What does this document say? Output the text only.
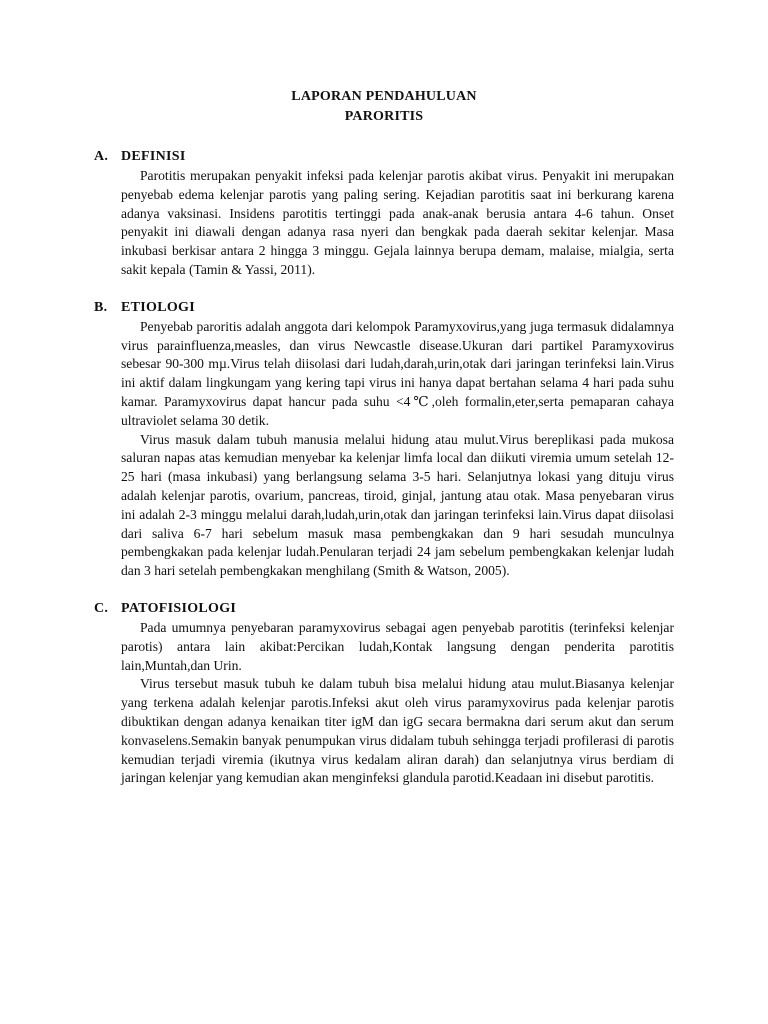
LAPORAN PENDAHULUAN
PARORITIS
A. DEFINISI

Parotitis merupakan penyakit infeksi pada kelenjar parotis akibat virus. Penyakit ini merupakan penyebab edema kelenjar parotis yang paling sering. Kejadian parotitis saat ini berkurang karena adanya vaksinasi. Insidens parotitis tertinggi pada anak-anak berusia antara 4-6 tahun. Onset penyakit ini diawali dengan adanya rasa nyeri dan bengkak pada daerah sekitar kelenjar. Masa inkubasi berkisar antara 2 hingga 3 minggu. Gejala lainnya berupa demam, malaise, mialgia, serta sakit kepala (Tamin & Yassi, 2011).

B. ETIOLOGI

Penyebab paroritis adalah anggota dari kelompok Paramyxovirus,yang juga termasuk didalamnya virus parainfluenza,measles, dan virus Newcastle disease.Ukuran dari partikel Paramyxovirus sebesar 90-300 mµ.Virus telah diisolasi dari ludah,darah,urin,otak dari jaringan terinfeksi lain.Virus ini aktif dalam lingkungam yang kering tapi virus ini hanya dapat bertahan selama 4 hari pada suhu kamar. Paramyxovirus dapat hancur pada suhu <4℃,oleh formalin,eter,serta pemaparan cahaya ultraviolet selama 30 detik.

Virus masuk dalam tubuh manusia melalui hidung atau mulut.Virus bereplikasi pada mukosa saluran napas atas kemudian menyebar ka kelenjar limfa local dan diikuti viremia umum setelah 12-25 hari (masa inkubasi) yang berlangsung selama 3-5 hari. Selanjutnya lokasi yang dituju virus adalah kelenjar parotis, ovarium, pancreas, tiroid, ginjal, jantung atau otak. Masa penyebaran virus ini adalah 2-3 minggu melalui darah,ludah,urin,otak dan jaringan terinfeksi lain.Virus dapat diisolasi dari saliva 6-7 hari sebelum masuk masa pembengkakan dan 9 hari sesudah munculnya pembengkakan pada kelenjar ludah.Penularan terjadi 24 jam sebelum pembengkakan kelenjar ludah dan 3 hari setelah pembengkakan menghilang (Smith & Watson, 2005).

C. PATOFISIOLOGI

Pada umumnya penyebaran paramyxovirus sebagai agen penyebab parotitis (terinfeksi kelenjar parotis) antara lain akibat:Percikan ludah,Kontak langsung dengan penderita parotitis lain,Muntah,dan Urin.

Virus tersebut masuk tubuh ke dalam tubuh bisa melalui hidung atau mulut.Biasanya kelenjar yang terkena adalah kelenjar parotis.Infeksi akut oleh virus paramyxovirus pada kelenjar parotis dibuktikan dengan adanya kenaikan titer igM dan igG secara bermakna dari serum akut dan serum konvaselens.Semakin banyak penumpukan virus didalam tubuh sehingga terjadi profilerasi di parotis kemudian terjadi viremia (ikutnya virus kedalam aliran darah) dan selanjutnya virus berdiam di jaringan kelenjar yang kemudian akan menginfeksi glandula parotid.Keadaan ini disebut parotitis.
